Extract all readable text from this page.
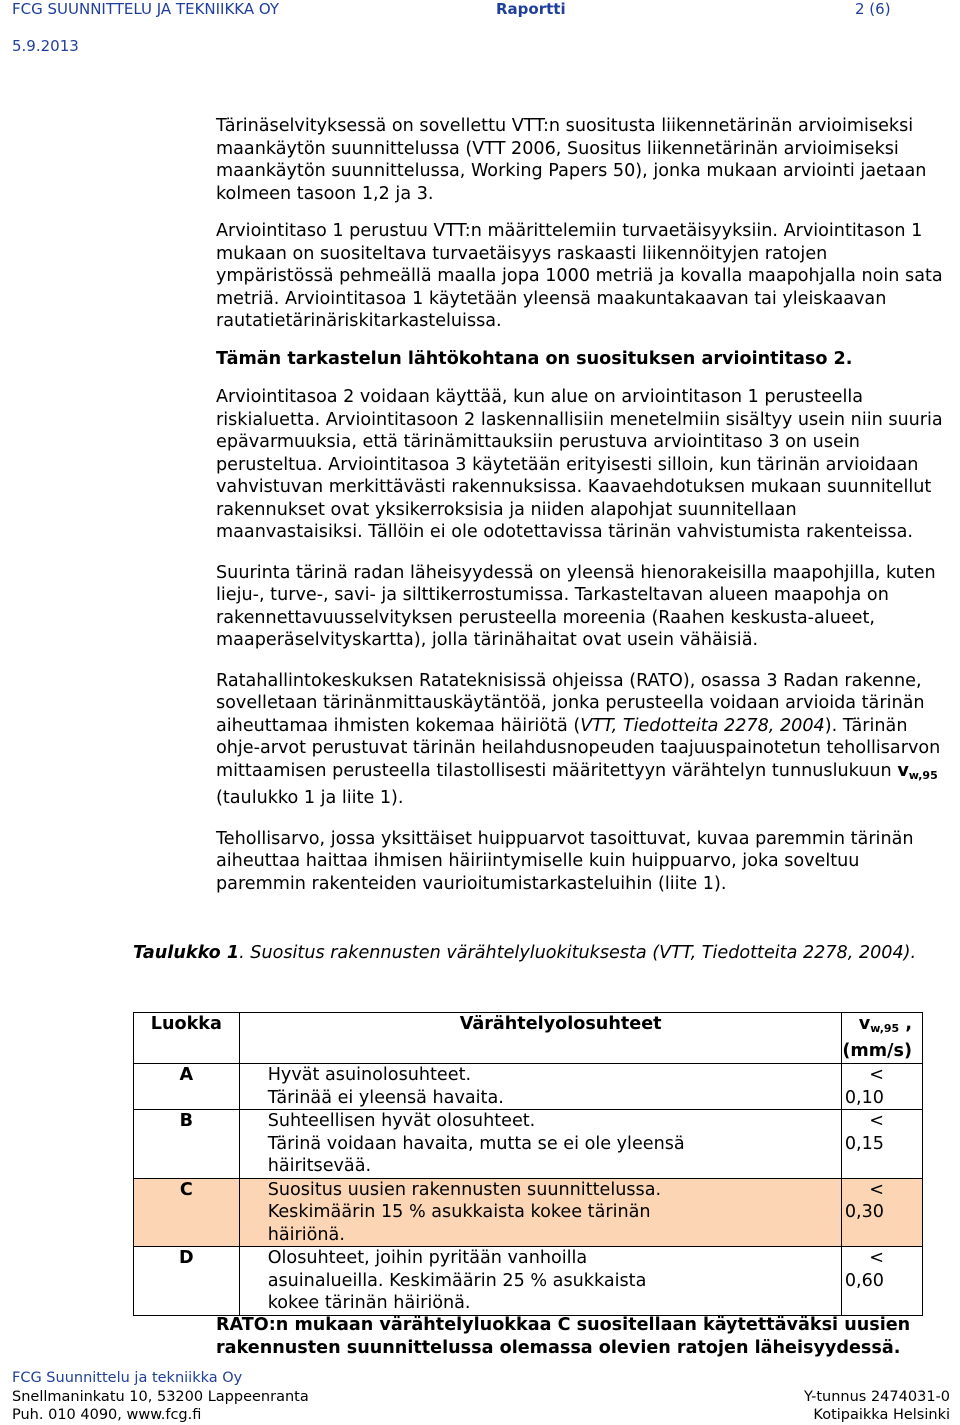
FCG SUUNNITTELU JA TEKNIIKKA OY	Raportti	2 (6)
5.9.2013

Tärinäselvityksessä on sovellettu VTT:n suositusta liikennetärinän arvioimiseksi maankäytön suunnittelussa (VTT 2006, Suositus liikennetärinän arvioimiseksi maankäytön suunnittelussa, Working Papers 50), jonka mukaan arviointi jaetaan kolmeen tasoon 1,2 ja 3.

Arviointitaso 1 perustuu VTT:n määrittelemiin turvaetäisyyksiin. Arviointitason 1 mukaan on suositeltava turvaetäisyys raskaasti liikennöityjen ratojen ympäristössä pehmeällä maalla jopa 1000 metriä ja kovalla maapohjalla noin sata metriä. Arviointitasoa 1 käytetään yleensä maakuntakaavan tai yleiskaavan rautatietärinäriskitarkasteluissa.

Tämän tarkastelun lähtökohtana on suosituksen arviointitaso 2.

Arviointitasoa 2 voidaan käyttää, kun alue on arviointitason 1 perusteella riskialuetta. Arviointitasoon 2 laskennallisiin menetelmiin sisältyy usein niin suuria epävarmuuksia, että tärinämittauksiin perustuva arviointitaso 3 on usein perusteltua. Arviointitasoa 3 käytetään erityisesti silloin, kun tärinän arvioidaan vahvistuvan merkittävästi rakennuksissa. Kaavaehdotuksen mukaan suunnitellut rakennukset ovat yksikerroksisia ja niiden alapohjat suunnitellaan maanvastaisiksi. Tällöin ei ole odotettavissa tärinän vahvistumista rakenteissa.

Suurinta tärinä radan läheisyydessä on yleensä hienorakeisilla maapohjilla, kuten lieju-, turve-, savi- ja silttikerrostumissa. Tarkasteltavan alueen maapohja on rakennettavuusselvityksen perusteella moreenia (Raahen keskusta-alueet, maaperäselvityskartta), jolla tärinähaitat ovat usein vähäisiä.

Ratahallintokeskuksen Ratateknisissä ohjeissa (RATO), osassa 3 Radan rakenne, sovelletaan tärinänmittauskäytäntöä, jonka perusteella voidaan arvioida tärinän aiheuttamaa ihmisten kokemaa häiriötä (VTT, Tiedotteita 2278, 2004). Tärinän ohje-arvot perustuvat tärinän heilahdusnopeuden taajuuspainotetun tehollisarvon mittaamisen perusteella tilastollisesti määritettyyn värähtelyn tunnuslukuun $v_{w,95}$ (taulukko 1 ja liite 1).

Tehollisarvo, jossa yksittäiset huippuarvot tasoittuvat, kuvaa paremmin tärinän aiheuttaa haittaa ihmisen häiriintymiselle kuin huippuarvo, joka soveltuu paremmin rakenteiden vaurioitumistarkasteluihin (liite 1).

Taulukko 1. Suositus rakennusten värähtelyluokituksesta (VTT, Tiedotteita 2278, 2004).
Luokka	Värähtelyolosuhteet	$v_{w,95}$ ,(mm/s)
A	Hyvät asuinolosuhteet.
Tärinää ei yleensä havaita.	< 0,10
B	Suhteellisen hyvät olosuhteet.
Tärinä voidaan havaita, mutta se ei ole yleensä häiritsevää.	< 0,15
C	Suositus uusien rakennusten suunnittelussa.
Keskimäärin 15 % asukkaista kokee tärinän häiriönä.	< 0,30
D	Olosuhteet, joihin pyritään vanhoilla
asuinalueilla. Keskimäärin 25 % asukkaista kokee tärinän häiriönä.	< 0,60
RATO:n mukaan värähtelyluokkaa C suositellaan käytettäväksi uusien rakennusten suunnittelussa olemassa olevien ratojen läheisyydessä.
FCG Suunnittelu ja tekniikka Oy
Snellmaninkatu 10, 53200 Lappeenranta
Puh. 010 4090, www.fcg.fi
Y-tunnus 2474031-0
Kotipaikka Helsinki
